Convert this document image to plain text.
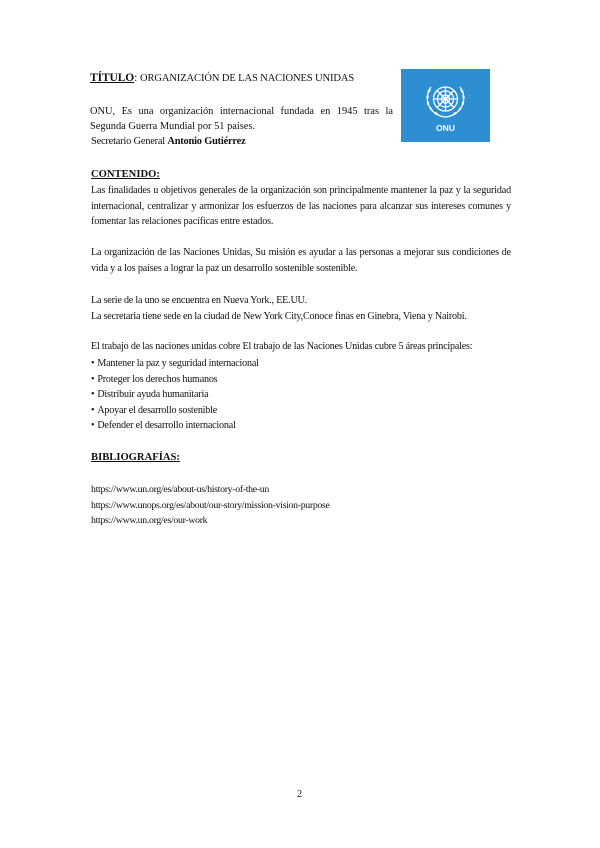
TÍTULO: ORGANIZACIÓN DE LAS NACIONES UNIDAS
ONU, Es una organización internacional fundada en 1945 tras la Segunda Guerra Mundial por 51 países.
Secretario General Antonio Gutiérrez
ONU
CONTENIDO:
Las finalidades u objetivos generales de la organización son principalmente mantener la paz y la seguridad internacional, centralizar y armonizar los esfuerzos de las naciones para alcanzar sus intereses comunes y fomentar las relaciones pacíficas entre estados.
La organización de las Naciones Unidas, Su misión es ayudar a las personas a mejorar sus condiciones de vida y a los países a lograr la paz un desarrollo sostenible sostenible.
La serie de la uno se encuentra en Nueva York., EE.UU.
La secretaria tiene sede en la ciudad de New York City,Conoce finas en Ginebra, Viena y Nairobi.
El trabajo de las naciones unidas cobre El trabajo de las Naciones Unidas cubre 5 áreas principales:
• Mantener la paz y seguridad internacional
• Proteger los derechos humanos
• Distribuir ayuda humanitaria
• Apoyar el desarrollo sostenible
• Defender el desarrollo internacional
BIBLIOGRAFÍAS:
https://www.un.org/es/about-us/history-of-the-un
https://www.unops.org/es/about/our-story/mission-vision-purpose
https://www.un.org/es/our-work
2
